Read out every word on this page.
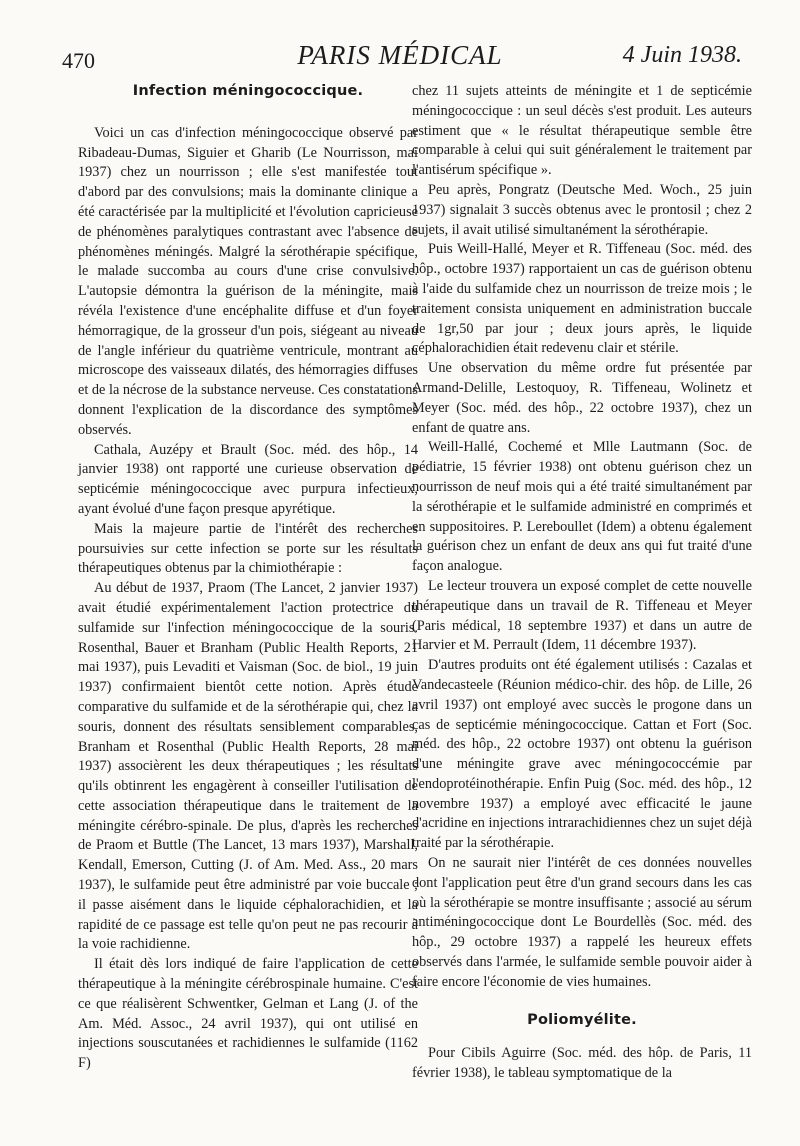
470	PARIS MÉDICAL	4 Juin 1938.
Infection méningococcique.

Voici un cas d'infection méningococcique observé par Ribadeau-Dumas, Siguier et Gharib (Le Nourrisson, mai 1937) chez un nourrisson ; elle s'est manifestée tout d'abord par des convulsions; mais la dominante clinique a été caractérisée par la multiplicité et l'évolution capricieuse de phénomènes paralytiques contrastant avec l'absence de phénomènes méningés. Malgré la sérothérapie spécifique, le malade succomba au cours d'une crise convulsive. L'autopsie démontra la guérison de la méningite, mais révéla l'existence d'une encéphalite diffuse et d'un foyer hémorragique, de la grosseur d'un pois, siégeant au niveau de l'angle inférieur du quatrième ventricule, montrant au microscope des vaisseaux dilatés, des hémorragies diffuses et de la nécrose de la substance nerveuse. Ces constatations donnent l'explication de la discordance des symptômes observés.

Cathala, Auzépy et Brault (Soc. méd. des hôp., 14 janvier 1938) ont rapporté une curieuse observation de septicémie méningococcique avec purpura infectieux, ayant évolué d'une façon presque apyrétique.

Mais la majeure partie de l'intérêt des recherches poursuivies sur cette infection se porte sur les résultats thérapeutiques obtenus par la chimiothérapie :

Au début de 1937, Praom (The Lancet, 2 janvier 1937) avait étudié expérimentalement l'action protectrice du sulfamide sur l'infection méningococcique de la souris. Rosenthal, Bauer et Branham (Public Health Reports, 21 mai 1937), puis Levaditi et Vaisman (Soc. de biol., 19 juin 1937) confirmaient bientôt cette notion. Après étude comparative du sulfamide et de la sérothérapie qui, chez la souris, donnent des résultats sensiblement comparables, Branham et Rosenthal (Public Health Reports, 28 mai 1937) associèrent les deux thérapeutiques ; les résultats qu'ils obtinrent les engagèrent à conseiller l'utilisation de cette association thérapeutique dans le traitement de la méningite cérébro-spinale. De plus, d'après les recherches de Praom et Buttle (The Lancet, 13 mars 1937), Marshall, Kendall, Emerson, Cutting (J. of Am. Med. Ass., 20 mars 1937), le sulfamide peut être administré par voie buccale ; il passe aisément dans le liquide céphalorachidien, et la rapidité de ce passage est telle qu'on peut ne pas recourir à la voie rachidienne.

Il était dès lors indiqué de faire l'application de cette thérapeutique à la méningite cérébrospinale humaine. C'est ce que réalisèrent Schwentker, Gelman et Lang (J. of the Am. Méd. Assoc., 24 avril 1937), qui ont utilisé en injections souscutanées et rachidiennes le sulfamide (1162 F)

chez 11 sujets atteints de méningite et 1 de septicémie méningococcique : un seul décès s'est produit. Les auteurs estiment que « le résultat thérapeutique semble être comparable à celui qui suit généralement le traitement par l'antisérum spécifique ».

Peu après, Pongratz (Deutsche Med. Woch., 25 juin 1937) signalait 3 succès obtenus avec le prontosil ; chez 2 sujets, il avait utilisé simultanément la sérothérapie.

Puis Weill-Hallé, Meyer et R. Tiffeneau (Soc. méd. des hôp., octobre 1937) rapportaient un cas de guérison obtenu à l'aide du sulfamide chez un nourrisson de treize mois ; le traitement consista uniquement en administration buccale de 1gr,50 par jour ; deux jours après, le liquide céphalorachidien était redevenu clair et stérile.

Une observation du même ordre fut présentée par Armand-Delille, Lestoquoy, R. Tiffeneau, Wolinetz et Meyer (Soc. méd. des hôp., 22 octobre 1937), chez un enfant de quatre ans.

Weill-Hallé, Cochemé et Mlle Lautmann (Soc. de pédiatrie, 15 février 1938) ont obtenu guérison chez un nourrisson de neuf mois qui a été traité simultanément par la sérothérapie et le sulfamide administré en comprimés et en suppositoires. P. Lereboullet (Idem) a obtenu également la guérison chez un enfant de deux ans qui fut traité d'une façon analogue.

Le lecteur trouvera un exposé complet de cette nouvelle thérapeutique dans un travail de R. Tiffeneau et Meyer (Paris médical, 18 septembre 1937) et dans un autre de Harvier et M. Perrault (Idem, 11 décembre 1937).

D'autres produits ont été également utilisés : Cazalas et Vandecasteele (Réunion médico-chir. des hôp. de Lille, 26 avril 1937) ont employé avec succès le progone dans un cas de septicémie méningococcique. Cattan et Fort (Soc. méd. des hôp., 22 octobre 1937) ont obtenu la guérison d'une méningite grave avec méningococcémie par l'endoprotéinothérapie. Enfin Puig (Soc. méd. des hôp., 12 novembre 1937) a employé avec efficacité le jaune d'acridine en injections intrarachidiennes chez un sujet déjà traité par la sérothérapie.

On ne saurait nier l'intérêt de ces données nouvelles dont l'application peut être d'un grand secours dans les cas où la sérothérapie se montre insuffisante ; associé au sérum antiméningococcique dont Le Bourdellès (Soc. méd. des hôp., 29 octobre 1937) a rappelé les heureux effets observés dans l'armée, le sulfamide semble pouvoir aider à faire encore l'économie de vies humaines.

Poliomyélite.

Pour Cibils Aguirre (Soc. méd. des hôp. de Paris, 11 février 1938), le tableau symptomatique de la
